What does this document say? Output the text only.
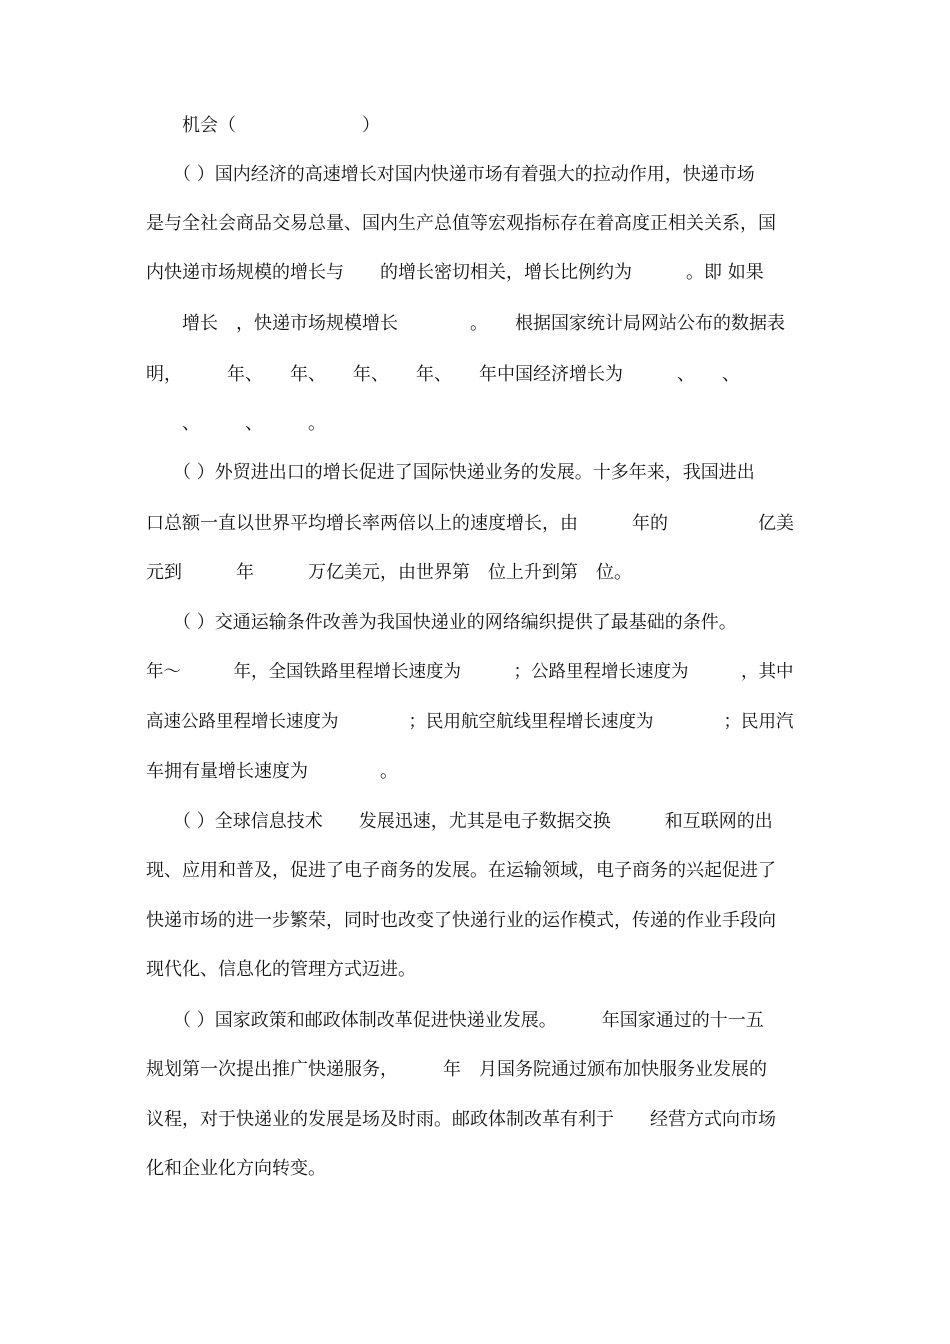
　　机会（　　　　　　　）
　　（ ）国内经济的高速增长对国内快递市场有着强大的拉动作用，快递市场
是与全社会商品交易总量、国内生产总值等宏观指标存在着高度正相关关系，国
内快递市场规模的增长与　　的增长密切相关，增长比例约为　　　。即 如果
　　增长　，快递市场规模增长　　　　。　　根据国家统计局网站公布的数据表
明，　　　年、　　年、　　年、　　年、　　年中国经济增长为　　　、　　、
　　、　　　、　　　。
　　（ ）外贸进出口的增长促进了国际快递业务的发展。十多年来，我国进出
口总额一直以世界平均增长率两倍以上的速度增长，由　　　年的　　　　　亿美
元到　　　年　　　万亿美元，由世界第　位上升到第　位。
　　（ ）交通运输条件改善为我国快递业的网络编织提供了最基础的条件。
年～　　　年，全国铁路里程增长速度为　　　；公路里程增长速度为　　　，其中
高速公路里程增长速度为　　　　；民用航空航线里程增长速度为　　　　；民用汽
车拥有量增长速度为　　　　。
　　（ ）全球信息技术　　发展迅速，尤其是电子数据交换　　　和互联网的出
现、应用和普及，促进了电子商务的发展。在运输领域，电子商务的兴起促进了
快递市场的进一步繁荣，同时也改变了快递行业的运作模式，传递的作业手段向
现代化、信息化的管理方式迈进。
　　（ ）国家政策和邮政体制改革促进快递业发展。　　　年国家通过的十一五
规划第一次提出推广快递服务，　　　年　月国务院通过颁布加快服务业发展的
议程，对于快递业的发展是场及时雨。邮政体制改革有利于　　经营方式向市场
化和企业化方向转变。
